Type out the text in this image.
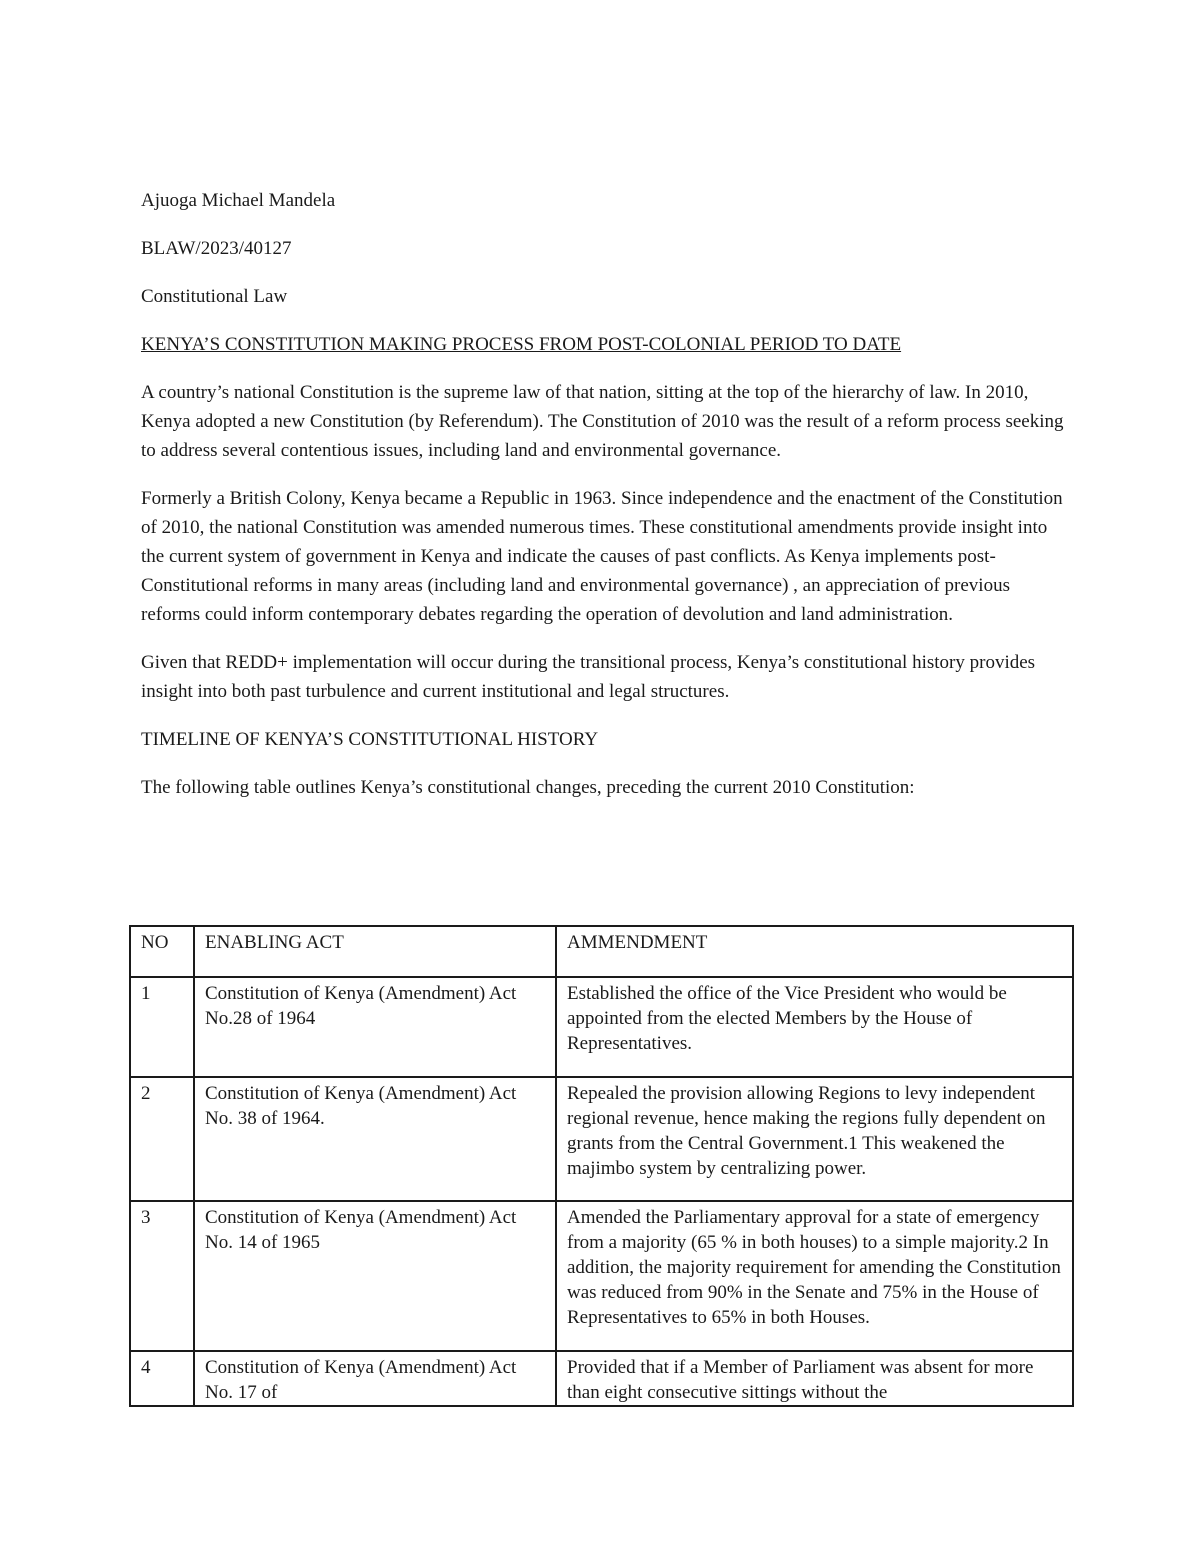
Ajuoga Michael Mandela

BLAW/2023/40127

Constitutional Law

KENYA’S CONSTITUTION MAKING PROCESS FROM POST-COLONIAL PERIOD TO DATE

A country’s national Constitution is the supreme law of that nation, sitting at the top of the hierarchy of law. In 2010, Kenya adopted a new Constitution (by Referendum). The Constitution of 2010 was the result of a reform process seeking to address several contentious issues, including land and environmental governance.

Formerly a British Colony, Kenya became a Republic in 1963. Since independence and the enactment of the Constitution of 2010, the national Constitution was amended numerous times. These constitutional amendments provide insight into the current system of government in Kenya and indicate the causes of past conflicts. As Kenya implements post-Constitutional reforms in many areas (including land and environmental governance) , an appreciation of previous reforms could inform contemporary debates regarding the operation of devolution and land administration.

Given that REDD+ implementation will occur during the transitional process, Kenya’s constitutional history provides insight into both past turbulence and current institutional and legal structures.

TIMELINE OF KENYA’S CONSTITUTIONAL HISTORY

The following table outlines Kenya’s constitutional changes, preceding the current 2010 Constitution:

NO	ENABLING ACT	AMMENDMENT
1	Constitution of Kenya (Amendment) Act No.28 of 1964	Established the office of the Vice President who would be appointed from the elected Members by the House of Representatives.
2	Constitution of Kenya (Amendment) Act No. 38 of 1964.	Repealed the provision allowing Regions to levy independent regional revenue, hence making the regions fully dependent on grants from the Central Government.1 This weakened the majimbo system by centralizing power.
3	Constitution of Kenya (Amendment) Act No. 14 of 1965	Amended the Parliamentary approval for a state of emergency from a majority (65 % in both houses) to a simple majority.2 In addition, the majority requirement for amending the Constitution was reduced from 90% in the Senate and 75% in the House of Representatives to 65% in both Houses.

4	Constitution of Kenya (Amendment) Act No. 17 of	Provided that if a Member of Parliament was absent for more than eight consecutive sittings without the
